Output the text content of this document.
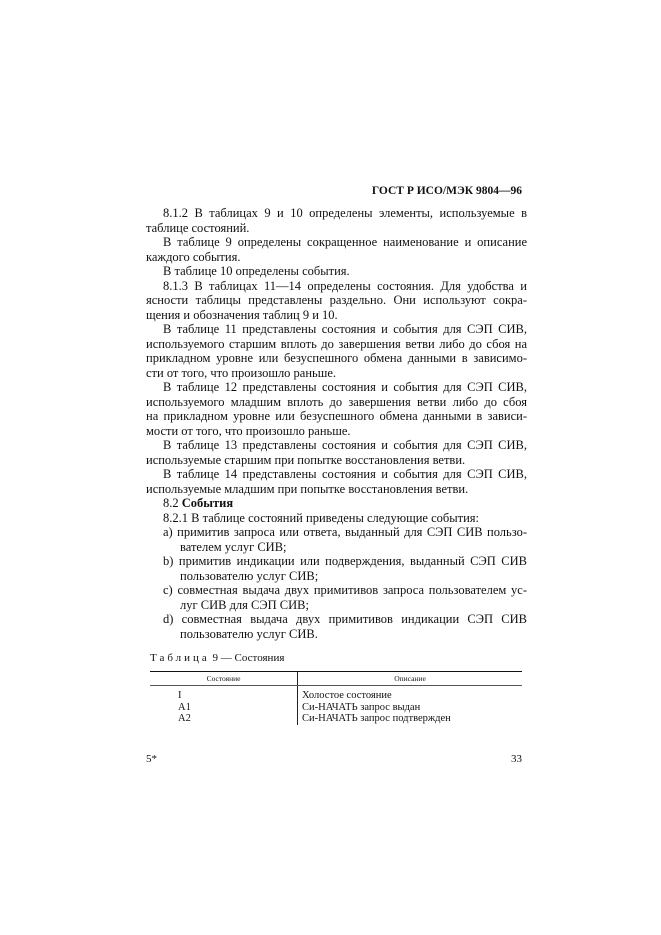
ГОСТ Р ИСО/МЭК 9804—96
8.1.2 В таблицах 9 и 10 определены элементы, используемые в
таблице состояний.
В таблице 9 определены сокращенное наименование и описание
каждого события.
В таблице 10 определены события.
8.1.3 В таблицах 11—14 определены состояния. Для удобства и
ясности таблицы представлены раздельно. Они используют сокра-
щения и обозначения таблиц 9 и 10.
В таблице 11 представлены состояния и события для СЭП СИВ,
используемого старшим вплоть до завершения ветви либо до сбоя на
прикладном уровне или безуспешного обмена данными в зависимо-
сти от того, что произошло раньше.
В таблице 12 представлены состояния и события для СЭП СИВ,
используемого младшим вплоть до завершения ветви либо до сбоя
на прикладном уровне или безуспешного обмена данными в зависи-
мости от того, что произошло раньше.
В таблице 13 представлены состояния и события для СЭП СИВ,
используемые старшим при попытке восстановления ветви.
В таблице 14 представлены состояния и события для СЭП СИВ,
используемые младшим при попытке восстановления ветви.
8.2 События
8.2.1 В таблице состояний приведены следующие события:
a) примитив запроса или ответа, выданный для СЭП СИВ пользо-
вателем услуг СИВ;
b) примитив индикации или подверждения, выданный СЭП СИВ
пользователю услуг СИВ;
c) совместная выдача двух примитивов запроса пользователем ус-
луг СИВ для СЭП СИВ;
d) совместная выдача двух примитивов индикации СЭП СИВ
пользователю услуг СИВ.
Таблица 9 — Состояния
Состояние	Описание
I	Холостое состояние
A1	Си-НАЧАТЬ запрос выдан
A2	Си-НАЧАТЬ запрос подтвержден
5*	33
